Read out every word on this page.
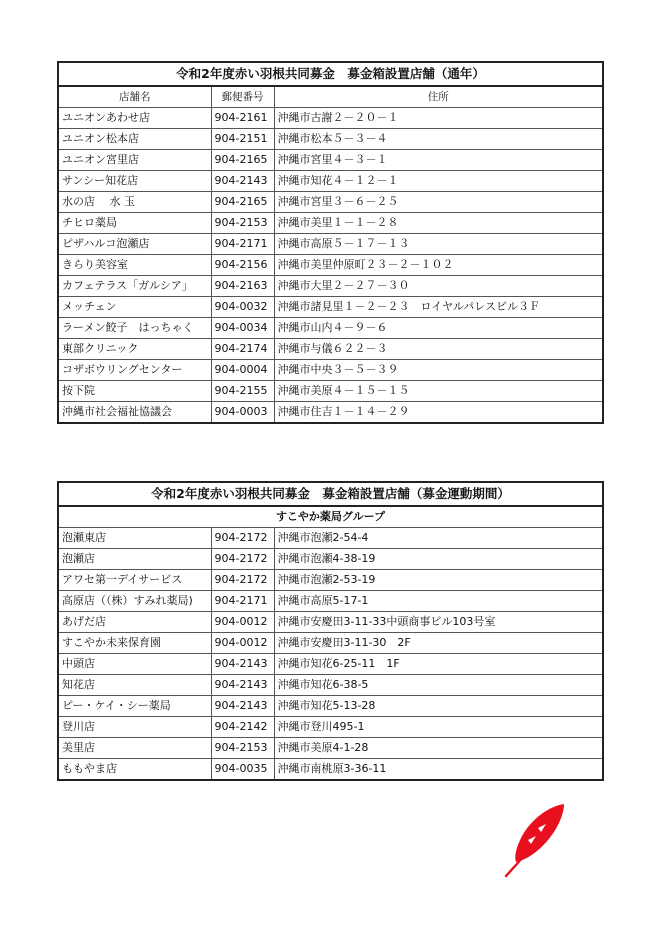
令和2年度赤い羽根共同募金　募金箱設置店舗（通年）		
店舗名	郵便番号	住所
ユニオンあわせ店	904-2161	沖縄市古謝２－２０－１
ユニオン松本店	904-2151	沖縄市松本５－３－４
ユニオン宮里店	904-2165	沖縄市宮里４－３－１
サンシー知花店	904-2143	沖縄市知花４－１２－１
水の店　 水 玉	904-2165	沖縄市宮里３－６－２５
チヒロ薬局	904-2153	沖縄市美里１－１－２８
ピザハルコ泡瀬店	904-2171	沖縄市高原５－１７－１３
きらり美容室	904-2156	沖縄市美里仲原町２３－２－１０２
カフェテラス「ガルシア」	904-2163	沖縄市大里２－２７－３０
メッチェン	904-0032	沖縄市諸見里１－２－２３　ロイヤルパレスビル３Ｆ
ラーメン餃子　はっちゃく	904-0034	沖縄市山内４－９－６
東部クリニック	904-2174	沖縄市与儀６２２－３
コザボウリングセンター	904-0004	沖縄市中央３－５－３９
按下院	904-2155	沖縄市美原４－１５－１５
沖縄市社会福祉協議会	904-0003	沖縄市住吉１－１４－２９
令和2年度赤い羽根共同募金　募金箱設置店舗（募金運動期間）		
すこやか薬局グループ		
泡瀬東店	904-2172	沖縄市泡瀬2-54-4
泡瀬店	904-2172	沖縄市泡瀬4-38-19
アワセ第一デイサービス	904-2172	沖縄市泡瀬2-53-19
高原店（（株）すみれ薬局)	904-2171	沖縄市高原5-17-1
あげだ店	904-0012	沖縄市安慶田3-11-33中頭商事ビル103号室
すこやか未来保育園	904-0012	沖縄市安慶田3-11-30　2F
中頭店	904-2143	沖縄市知花6-25-11　1F
知花店	904-2143	沖縄市知花6-38-5
ピー・ケイ・シー薬局	904-2143	沖縄市知花5-13-28
登川店	904-2142	沖縄市登川495-1
美里店	904-2153	沖縄市美原4-1-28
ももやま店	904-0035	沖縄市南桃原3-36-11
